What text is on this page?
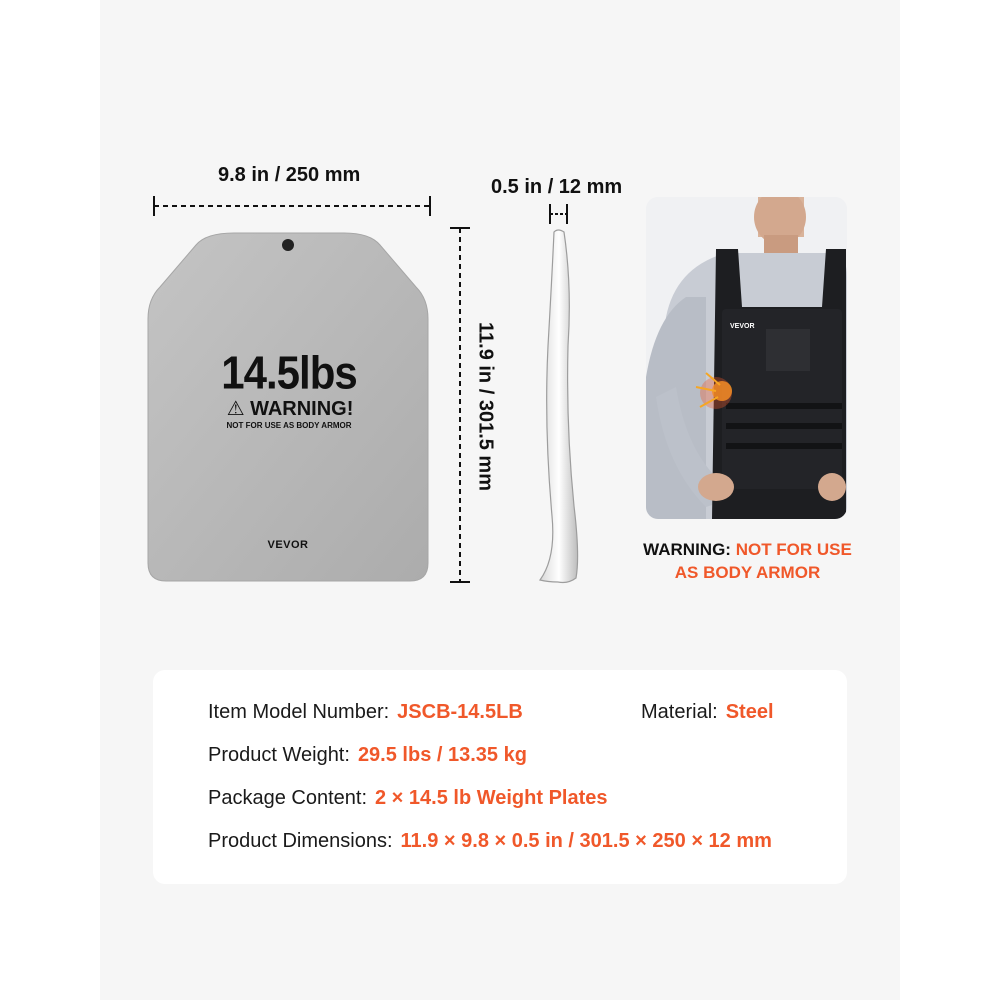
9.8 in / 250 mm
0.5 in / 12 mm
11.9 in / 301.5 mm
14.5lbs
⚠ WARNING!
NOT FOR USE AS BODY ARMOR
VEVOR
VEVOR
WARNING: NOT FOR USE
AS BODY ARMOR
Item Model Number: JSCB-14.5LB	Material: Steel
Product Weight: 29.5 lbs / 13.35 kg
Package Content: 2 × 14.5 lb Weight Plates
Product Dimensions: 11.9 × 9.8 × 0.5 in / 301.5 × 250 × 12 mm
